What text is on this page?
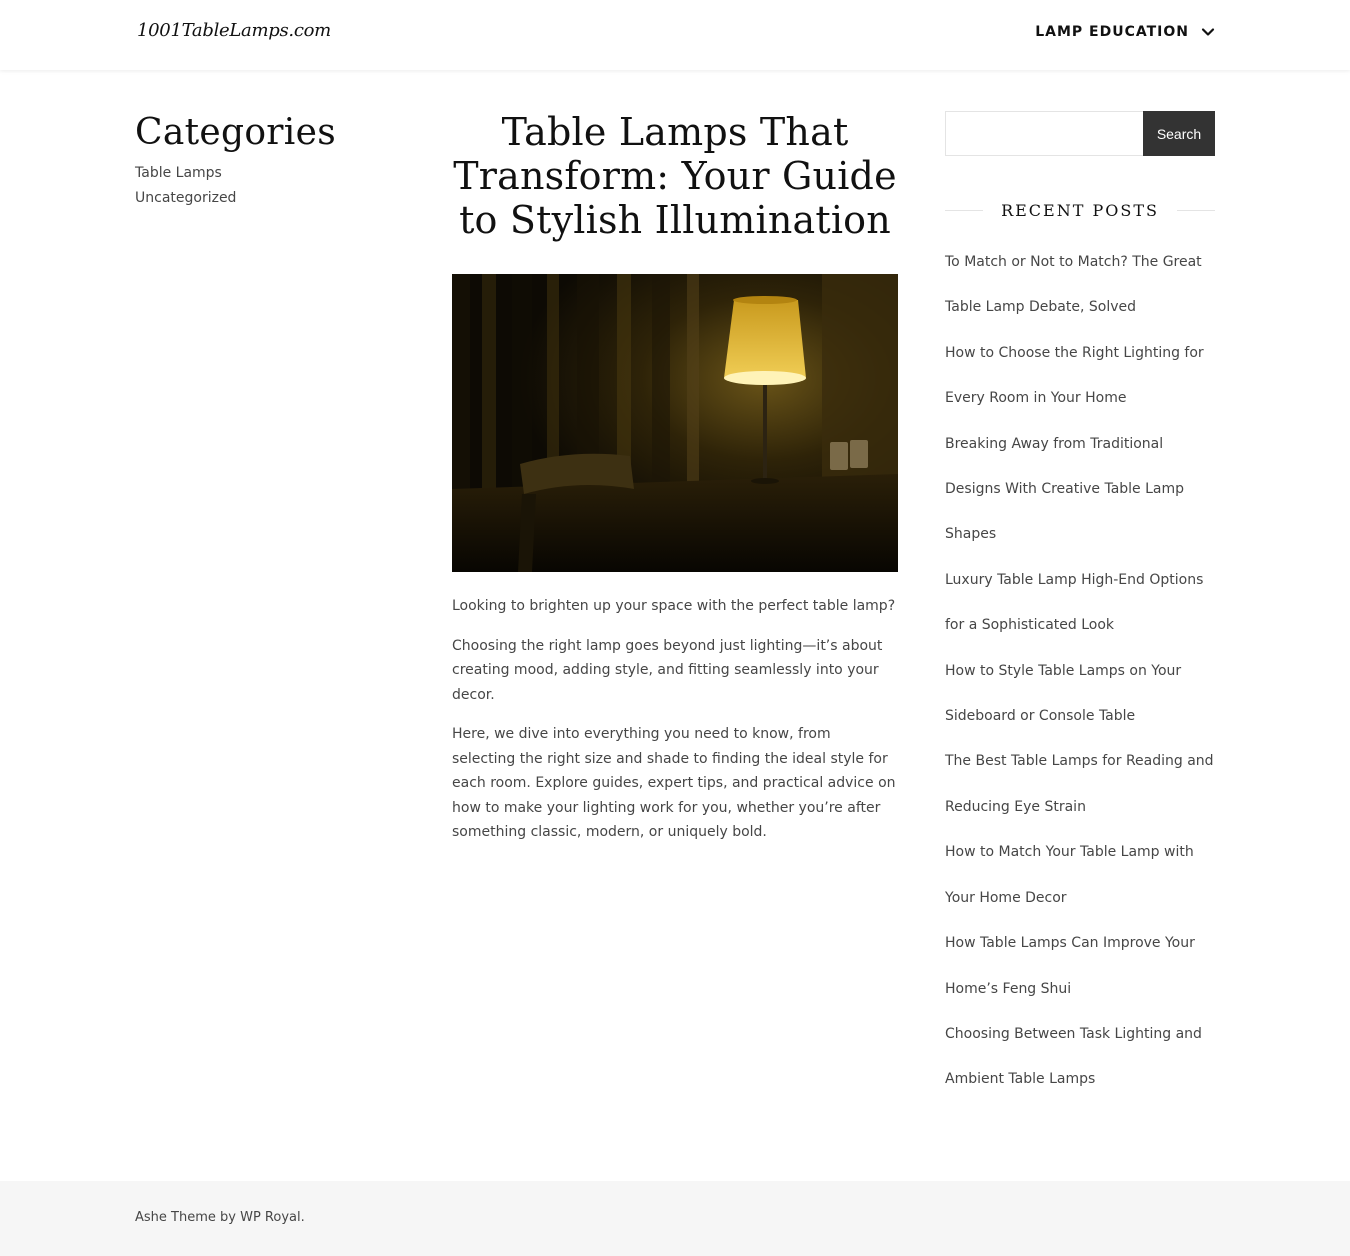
1001TableLamps.com	LAMP EDUCATION
Categories
Table Lamps
Uncategorized
Table Lamps That Transform: Your Guide to Stylish Illumination

Looking to brighten up your space with the perfect table lamp?

Choosing the right lamp goes beyond just lighting—it’s about creating mood, adding style, and fitting seamlessly into your decor.

Here, we dive into everything you need to know, from selecting the right size and shade to finding the ideal style for each room. Explore guides, expert tips, and practical advice on how to make your lighting work for you, whether you’re after something classic, modern, or uniquely bold.

Search
RECENT POSTS
To Match or Not to Match? The Great Table Lamp Debate, Solved
How to Choose the Right Lighting for Every Room in Your Home
Breaking Away from Traditional Designs With Creative Table Lamp Shapes
Luxury Table Lamp High-End Options for a Sophisticated Look
How to Style Table Lamps on Your Sideboard or Console Table
The Best Table Lamps for Reading and Reducing Eye Strain
How to Match Your Table Lamp with Your Home Decor
How Table Lamps Can Improve Your Home’s Feng Shui
Choosing Between Task Lighting and Ambient Table Lamps
Ashe Theme by WP Royal.
